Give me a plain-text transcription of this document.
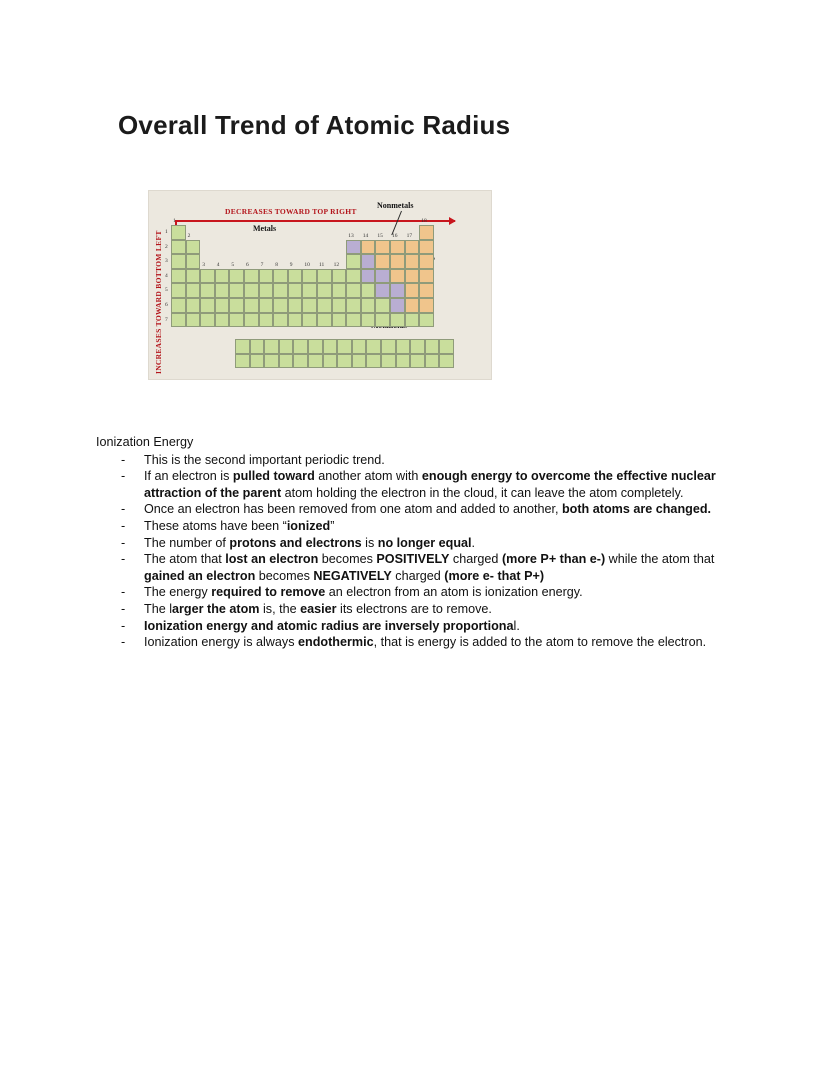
Overall Trend of Atomic Radius
INCREASES TOWARD BOTTOM LEFT
DECREASES TOWARD TOP RIGHT
Nonmetals
Metals
1
2
3 4 5 6 7 8 9 10 11 12
13 14 15 16 17
18
1
2
3
4
5
6
7

Ionization Energy

- This is the second important periodic trend.
- If an electron is pulled toward another atom with enough energy to overcome the effective nuclear attraction of the parent atom holding the electron in the cloud, it can leave the atom completely.
- Once an electron has been removed from one atom and added to another, both atoms are changed.
- These atoms have been “ionized”
- The number of protons and electrons is no longer equal.
- The atom that lost an electron becomes POSITIVELY charged (more P+ than e-) while the atom that gained an electron becomes NEGATIVELY charged (more e- that P+)
- The energy required to remove an electron from an atom is ionization energy.
- The larger the atom is, the easier its electrons are to remove.
- Ionization energy and atomic radius are inversely proportional.
- Ionization energy is always endothermic, that is energy is added to the atom to remove the electron.
